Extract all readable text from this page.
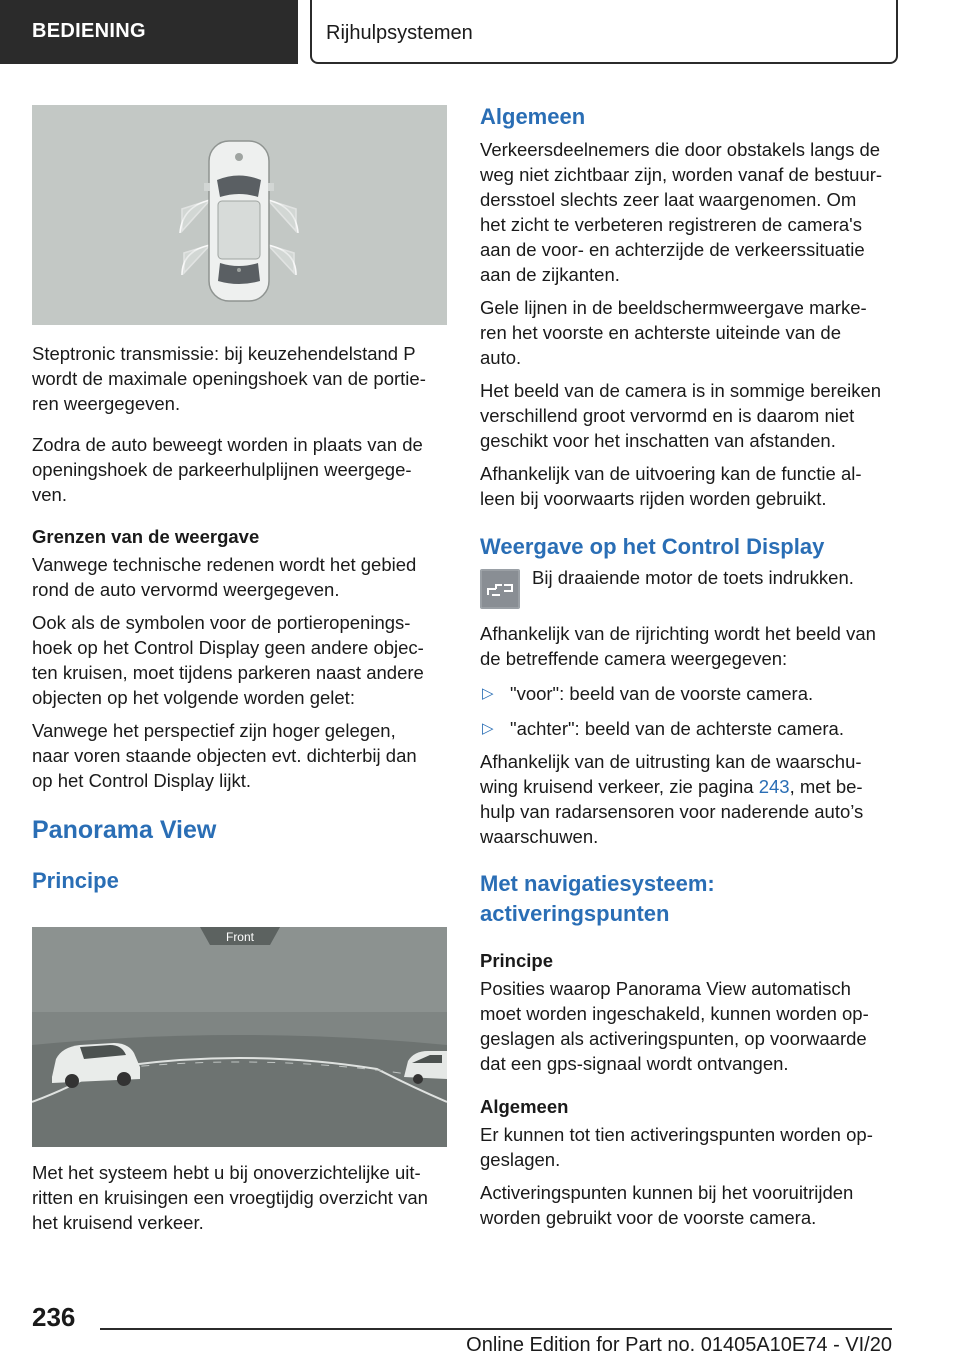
BEDIENING	Rijhulpsystemen

Steptronic transmissie: bij keuzehendelstand P
wordt de maximale openingshoek van de portie-
ren weergegeven.

Zodra de auto beweegt worden in plaats van de
openingshoek de parkeerhulplijnen weergege-
ven.

Grenzen van de weergave

Vanwege technische redenen wordt het gebied
rond de auto vervormd weergegeven.

Ook als de symbolen voor de portieropenings-
hoek op het Control Display geen andere objec-
ten kruisen, moet tijdens parkeren naast andere
objecten op het volgende worden gelet:

Vanwege het perspectief zijn hoger gelegen,
naar voren staande objecten evt. dichterbij dan
op het Control Display lijkt.

Panorama View
Principe
Front

Met het systeem hebt u bij onoverzichtelijke uit-
ritten en kruisingen een vroegtijdig overzicht van
het kruisend verkeer.

Algemeen

Verkeersdeelnemers die door obstakels langs de
weg niet zichtbaar zijn, worden vanaf de bestuur-
dersstoel slechts zeer laat waargenomen. Om
het zicht te verbeteren registreren de camera's
aan de voor- en achterzijde de verkeerssituatie
aan de zijkanten.

Gele lijnen in de beeldschermweergave marke-
ren het voorste en achterste uiteinde van de
auto.

Het beeld van de camera is in sommige bereiken
verschillend groot vervormd en is daarom niet
geschikt voor het inschatten van afstanden.

Afhankelijk van de uitvoering kan de functie al-
leen bij voorwaarts rijden worden gebruikt.

Weergave op het Control Display
Bij draaiende motor de toets indrukken.

Afhankelijk van de rijrichting wordt het beeld van
de betreffende camera weergegeven:

▷ "voor": beeld van de voorste camera.
▷ "achter": beeld van de achterste camera.

Afhankelijk van de uitrusting kan de waarschu-
wing kruisend verkeer, zie pagina 243, met be-
hulp van radarsensoren voor naderende auto’s
waarschuwen.

Met navigatiesysteem:
activeringspunten
Principe

Posities waarop Panorama View automatisch
moet worden ingeschakeld, kunnen worden op-
geslagen als activeringspunten, op voorwaarde
dat een gps-signaal wordt ontvangen.

Algemeen

Er kunnen tot tien activeringspunten worden op-
geslagen.

Activeringspunten kunnen bij het vooruitrijden
worden gebruikt voor de voorste camera.

236
Online Edition for Part no. 01405A10E74 - VI/20
